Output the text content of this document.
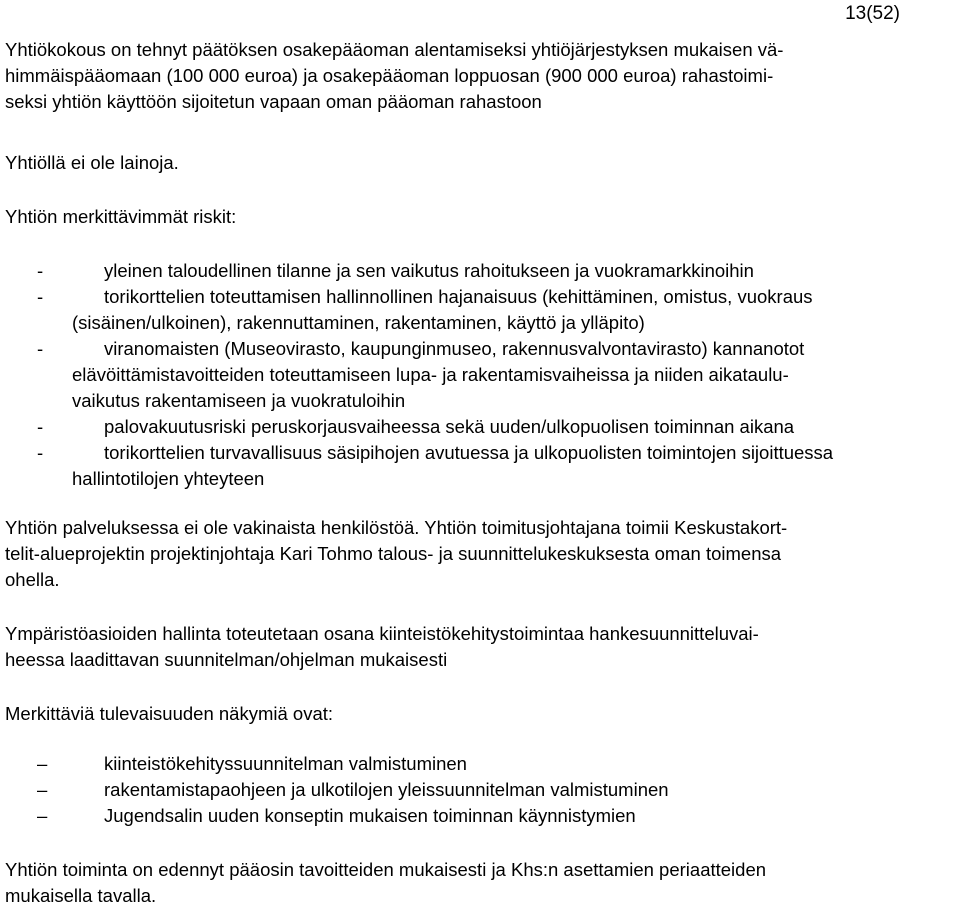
13(52)
Yhtiökokous on tehnyt päätöksen osakepääoman alentamiseksi yhtiöjärjestyksen mukaisen vä-
himmäispääomaan (100 000 euroa) ja osakepääoman loppuosan (900 000 euroa) rahastoimi-
seksi yhtiön käyttöön sijoitetun vapaan oman pääoman rahastoon
Yhtiöllä ei ole lainoja.
Yhtiön merkittävimmät riskit:
-	yleinen taloudellinen tilanne ja sen vaikutus rahoitukseen ja vuokramarkkinoihin
-	torikorttelien toteuttamisen hallinnollinen hajanaisuus (kehittäminen, omistus, vuokraus
(sisäinen/ulkoinen), rakennuttaminen, rakentaminen, käyttö ja ylläpito)
-	viranomaisten (Museovirasto, kaupunginmuseo, rakennusvalvontavirasto) kannanotot
elävöittämistavoitteiden toteuttamiseen lupa- ja rakentamisvaiheissa ja niiden aikataulu-
vaikutus rakentamiseen ja vuokratuloihin
-	palovakuutusriski peruskorjausvaiheessa sekä uuden/ulkopuolisen toiminnan aikana
-	torikorttelien turvavallisuus säsipihojen avutuessa ja ulkopuolisten toimintojen sijoittuessa
hallintotilojen yhteyteen
Yhtiön palveluksessa ei ole vakinaista henkilöstöä. Yhtiön toimitusjohtajana toimii Keskustakort-
telit-alueprojektin projektinjohtaja Kari Tohmo talous- ja suunnittelukeskuksesta oman toimensa
ohella.
Ympäristöasioiden hallinta toteutetaan osana kiinteistökehitystoimintaa hankesuunnitteluvai-
heessa laadittavan suunnitelman/ohjelman mukaisesti
Merkittäviä tulevaisuuden näkymiä ovat:
–	kiinteistökehityssuunnitelman valmistuminen
–	rakentamistapaohjeen ja ulkotilojen yleissuunnitelman valmistuminen
–	Jugendsalin uuden konseptin mukaisen toiminnan käynnistymien
Yhtiön toiminta on edennyt pääosin tavoitteiden mukaisesti ja Khs:n asettamien periaatteiden
mukaisella tavalla.
